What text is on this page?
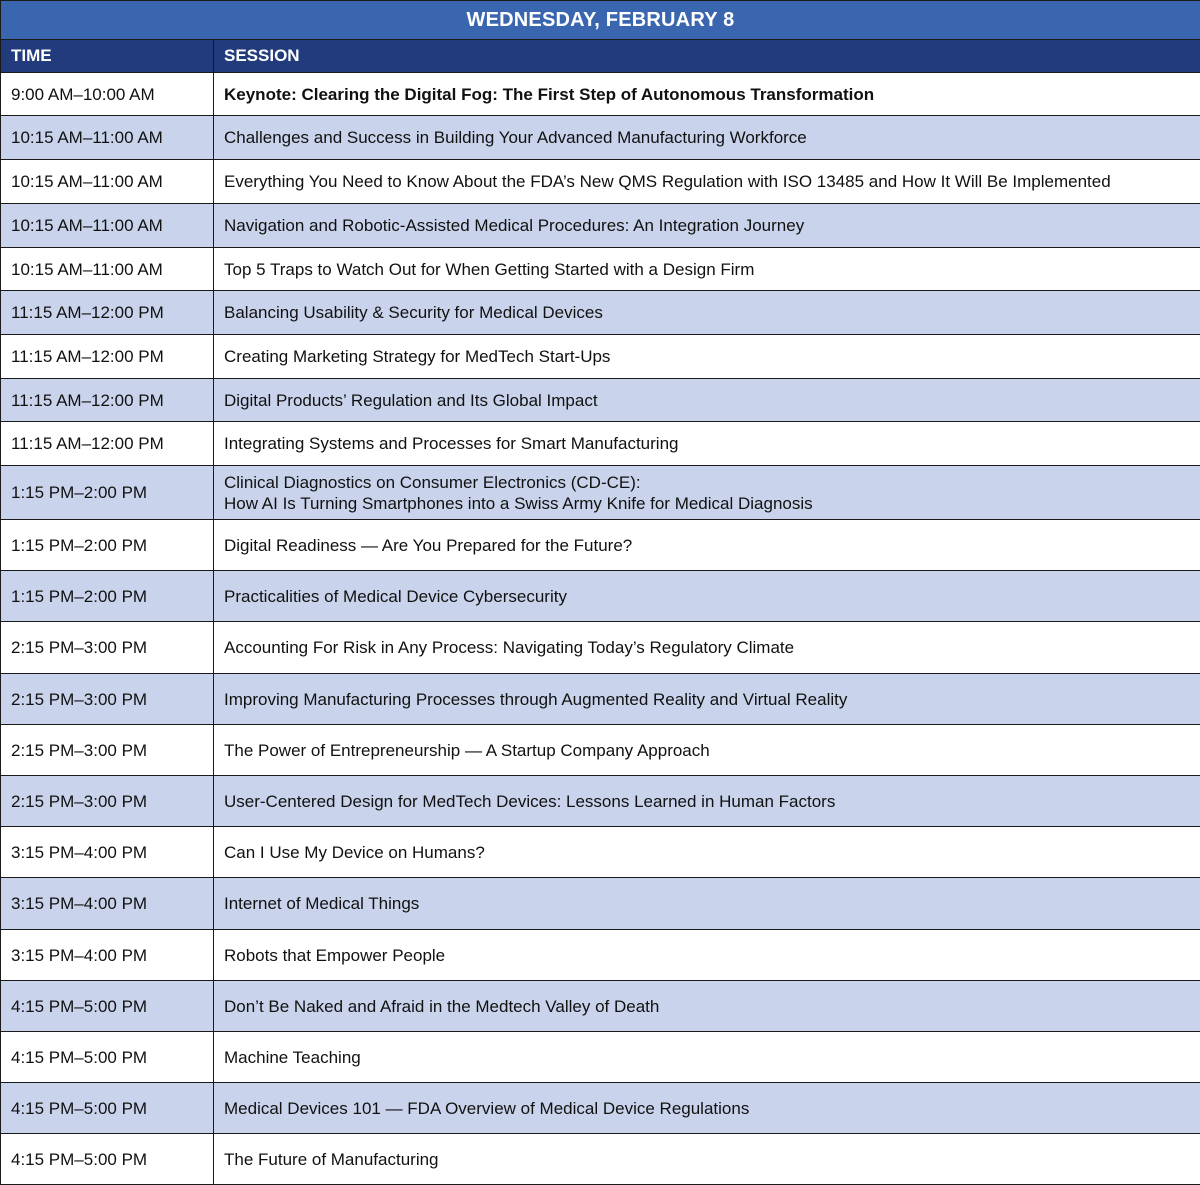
WEDNESDAY, FEBRUARY 8	
TIME	SESSION
9:00 AM–10:00 AM	Keynote: Clearing the Digital Fog: The First Step of Autonomous Transformation

10:15 AM–11:00 AM	Challenges and Success in Building Your Advanced Manufacturing Workforce

10:15 AM–11:00 AM	Everything You Need to Know About the FDA’s New QMS Regulation with ISO 13485 and How It Will Be Implemented

10:15 AM–11:00 AM	Navigation and Robotic-Assisted Medical Procedures: An Integration Journey

10:15 AM–11:00 AM	Top 5 Traps to Watch Out for When Getting Started with a Design Firm

11:15 AM–12:00 PM	Balancing Usability & Security for Medical Devices

11:15 AM–12:00 PM	Creating Marketing Strategy for MedTech Start-Ups

11:15 AM–12:00 PM	Digital Products’ Regulation and Its Global Impact

11:15 AM–12:00 PM	Integrating Systems and Processes for Smart Manufacturing

1:15 PM–2:00 PM	Clinical Diagnostics on Consumer Electronics (CD-CE):
How AI Is Turning Smartphones into a Swiss Army Knife for Medical Diagnosis

1:15 PM–2:00 PM	Digital Readiness — Are You Prepared for the Future?

1:15 PM–2:00 PM	Practicalities of Medical Device Cybersecurity

2:15 PM–3:00 PM	Accounting For Risk in Any Process: Navigating Today’s Regulatory Climate

2:15 PM–3:00 PM	Improving Manufacturing Processes through Augmented Reality and Virtual Reality

2:15 PM–3:00 PM	The Power of Entrepreneurship — A Startup Company Approach

2:15 PM–3:00 PM	User-Centered Design for MedTech Devices: Lessons Learned in Human Factors

3:15 PM–4:00 PM	Can I Use My Device on Humans?

3:15 PM–4:00 PM	Internet of Medical Things

3:15 PM–4:00 PM	Robots that Empower People

4:15 PM–5:00 PM	Don’t Be Naked and Afraid in the Medtech Valley of Death

4:15 PM–5:00 PM	Machine Teaching

4:15 PM–5:00 PM	Medical Devices 101 — FDA Overview of Medical Device Regulations

4:15 PM–5:00 PM	The Future of Manufacturing
